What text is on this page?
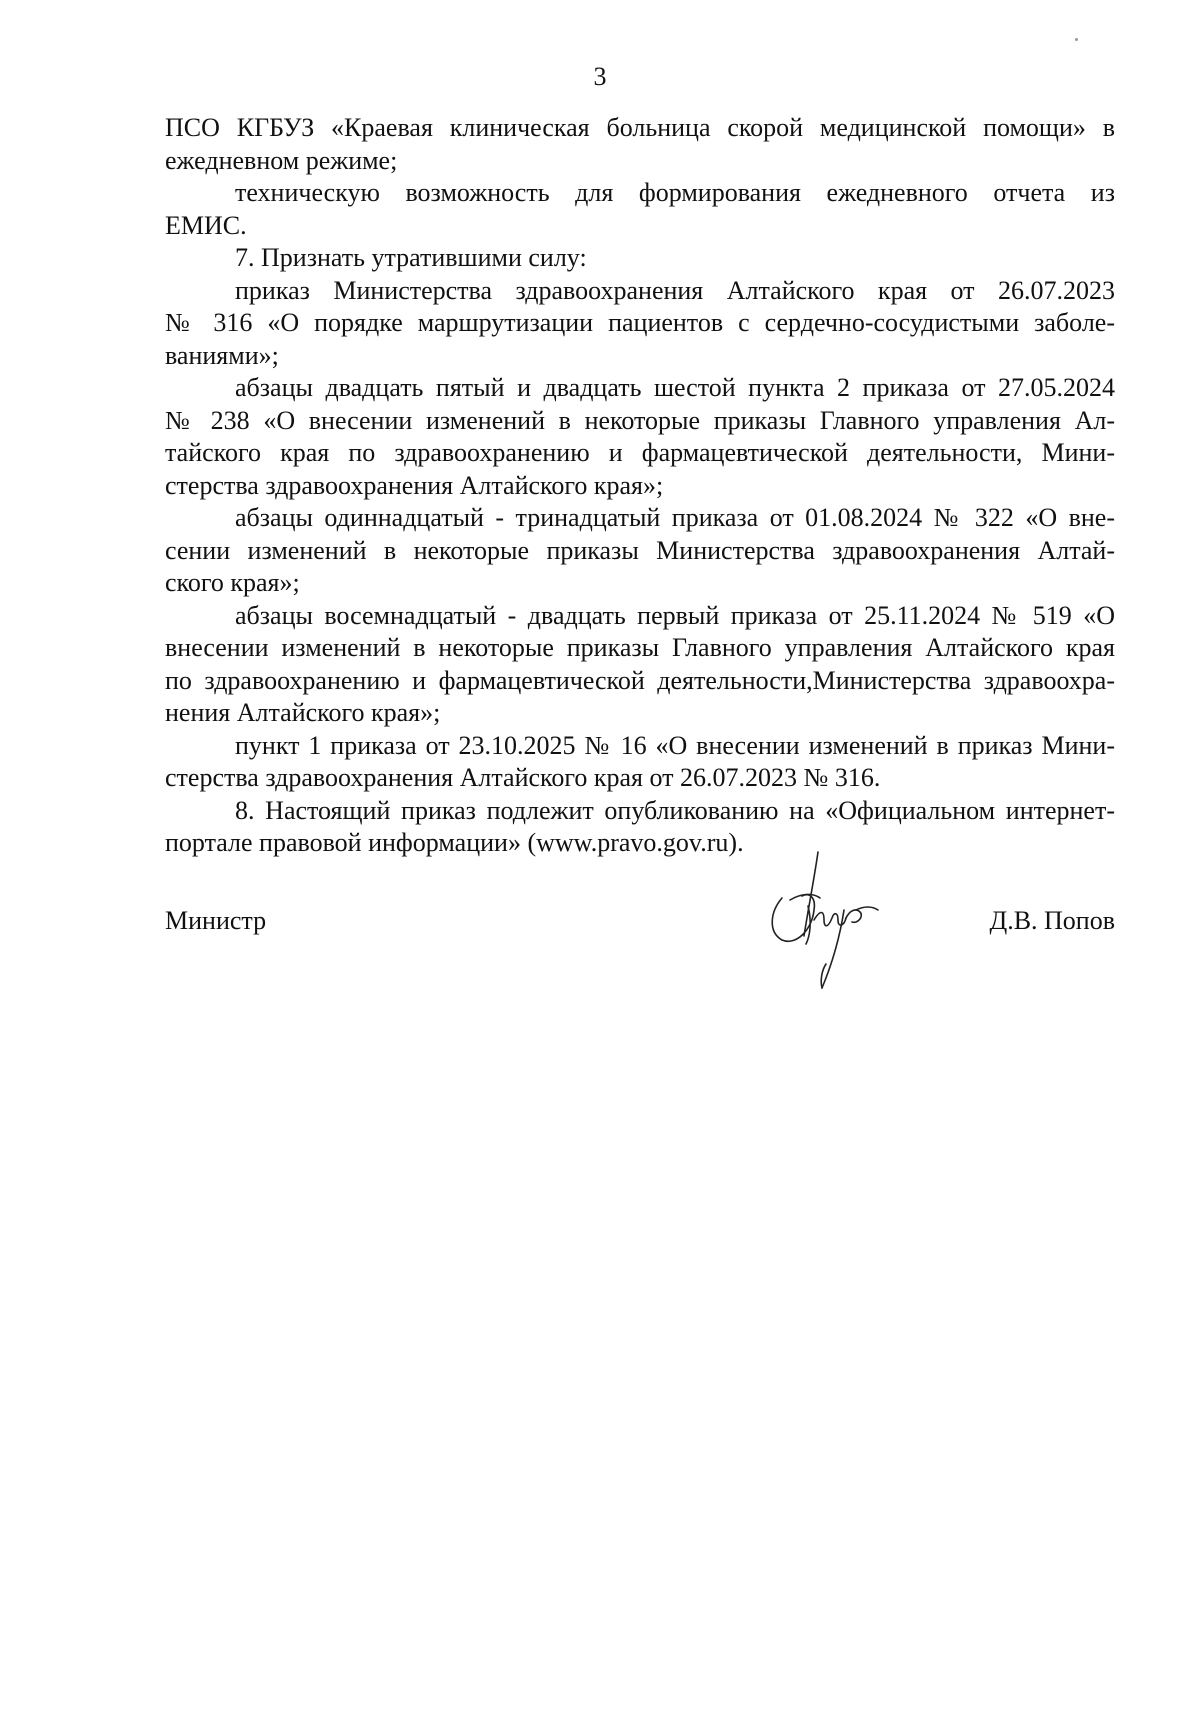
3
ПСО КГБУЗ «Краевая клиническая больница скорой медицинской помощи» в
ежедневном режиме;
техническую возможность для формирования ежедневного отчета из
ЕМИС.
7. Признать утратившими силу:
приказ Министерства здравоохранения Алтайского края от 26.07.2023
№ 316 «О порядке маршрутизации пациентов с сердечно-сосудистыми заболе-
ваниями»;
абзацы двадцать пятый и двадцать шестой пункта 2 приказа от 27.05.2024
№ 238 «О внесении изменений в некоторые приказы Главного управления Ал-
тайского края по здравоохранению и фармацевтической деятельности, Мини-
стерства здравоохранения Алтайского края»;
абзацы одиннадцатый - тринадцатый приказа от 01.08.2024 № 322 «О вне-
сении изменений в некоторые приказы Министерства здравоохранения Алтай-
ского края»;
абзацы восемнадцатый - двадцать первый приказа от 25.11.2024 № 519 «О
внесении изменений в некоторые приказы Главного управления Алтайского края
по здравоохранению и фармацевтической деятельности,Министерства здравоохра-
нения Алтайского края»;
пункт 1 приказа от 23.10.2025 № 16 «О внесении изменений в приказ Мини-
стерства здравоохранения Алтайского края от 26.07.2023 № 316.
8. Настоящий приказ подлежит опубликованию на «Официальном интернет-
портале правовой информации» (www.pravo.gov.ru).
Министр	Д.В. Попов
